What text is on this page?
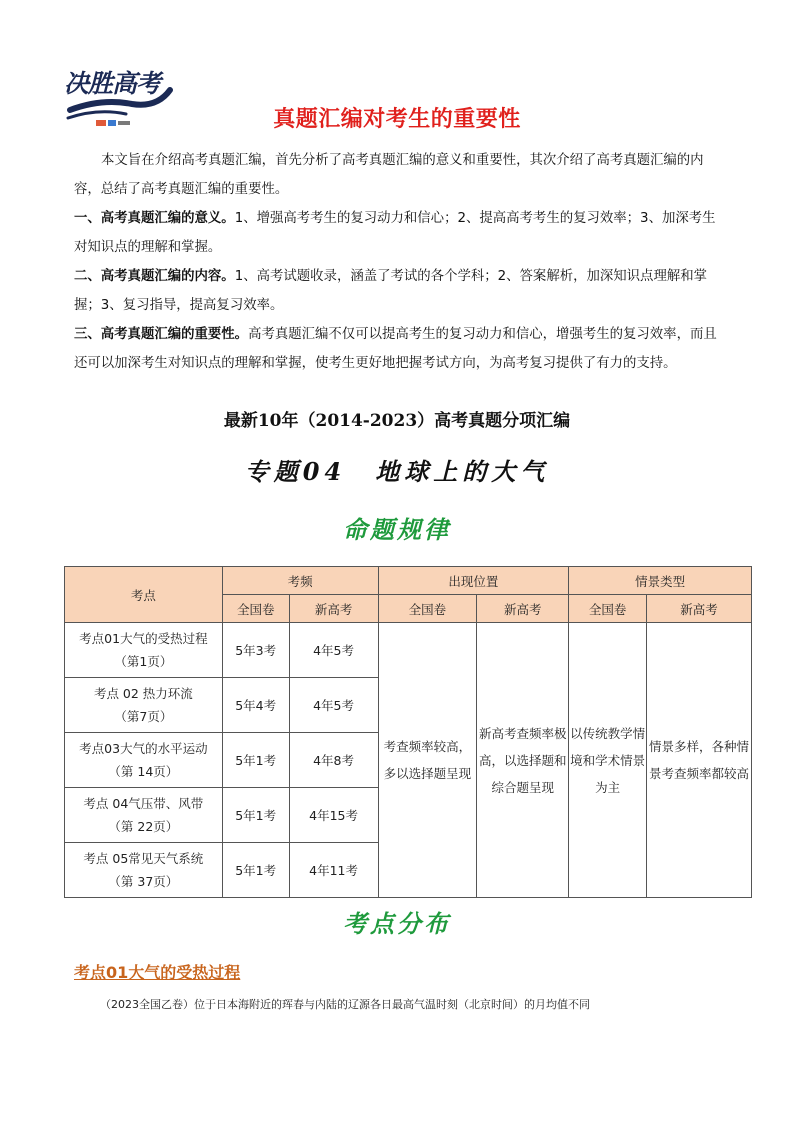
决胜高考
真题汇编对考生的重要性

本文旨在介绍高考真题汇编，首先分析了高考真题汇编的意义和重要性，其次介绍了高考真题汇编的内容，总结了高考真题汇编的重要性。

一、高考真题汇编的意义。1、增强高考考生的复习动力和信心；2、提高高考考生的复习效率；3、加深考生对知识点的理解和掌握。

二、高考真题汇编的内容。1、高考试题收录，涵盖了考试的各个学科；2、答案解析，加深知识点理解和掌握；3、复习指导，提高复习效率。

三、高考真题汇编的重要性。高考真题汇编不仅可以提高考生的复习动力和信心，增强考生的复习效率，而且还可以加深考生对知识点的理解和掌握，使考生更好地把握考试方向，为高考复习提供了有力的支持。

最新10年（2014-2023）高考真题分项汇编
专题04　地球上的大气
命题规律
考点	考频		出现位置		情景类型	
	全国卷	新高考	全国卷	新高考	全国卷	新高考

考点01大气的受热过程
（第1页）	5年3考	4年5考	考查频率较高，多以选择题呈现	新高考查频率极高，以选择题和综合题呈现	以传统教学情境和学术情景为主	情景多样，各种情景考查频率都较高

考点 02 热力环流
（第7页）	5年4考	4年5考				

考点03大气的水平运动
（第 14页）	5年1考	4年8考				

考点 04气压带、风带
（第 22页）	5年1考	4年15考				

考点 05常见天气系统
（第 37页）	5年1考	4年11考				
考点分布
考点01大气的受热过程
（2023全国乙卷）位于日本海附近的珲春与内陆的辽源各日最高气温时刻（北京时间）的月均值不同
